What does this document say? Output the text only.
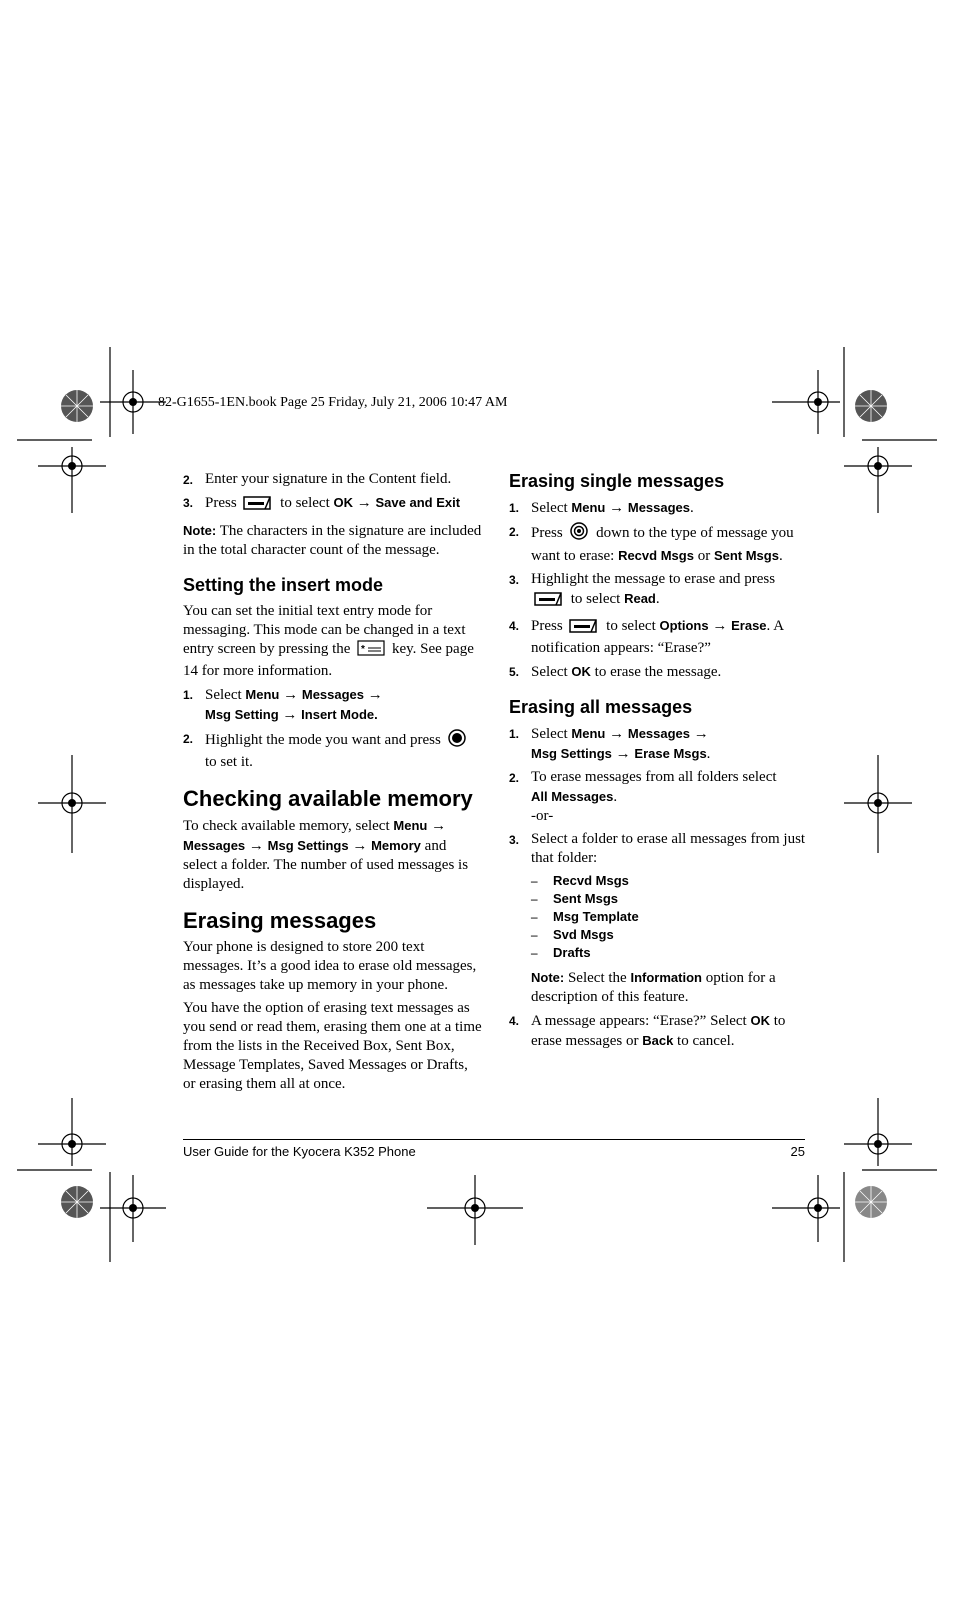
82-G1655-1EN.book Page 25 Friday, July 21, 2006 10:47 AM
2. Enter your signature in the Content field.
3. Press	to select OK → Save and Exit
Note: The characters in the signature are included in the total character count of the message.
Setting the insert mode
You can set the initial text entry mode for messaging. This mode can be changed in a text entry screen by pressing the * key. See page 14 for more information.
1. Select Menu → Messages →
Msg Setting → Insert Mode.
2. Highlight the mode you want and press  to set it.
Checking available memory
To check available memory, select Menu → Messages → Msg Settings → Memory and select a folder. The number of used messages is displayed.
Erasing messages
Your phone is designed to store 200 text messages. It’s a good idea to erase old messages, as messages take up memory in your phone.
You have the option of erasing text messages as you send or read them, erasing them one at a time from the lists in the Received Box, Sent Box, Message Templates, Saved Messages or Drafts, or erasing them all at once.
Erasing single messages
1. Select Menu → Messages.
2. Press down to the type of message you want to erase: Recvd Msgs or Sent Msgs.
3. Highlight the message to erase and press
to select Read.
4. Press	to select Options → Erase. A notification appears: “Erase?”
5. Select OK to erase the message.
Erasing all messages
1. Select Menu → Messages →
Msg Settings → Erase Msgs.
2. To erase messages from all folders select
All Messages.
-or-
3. Select a folder to erase all messages from just that folder:
– Recvd Msgs
– Sent Msgs
– Msg Template
– Svd Msgs
– Drafts
Note: Select the Information option for a description of this feature.
4. A message appears: “Erase?” Select OK to erase messages or Back to cancel.
User Guide for the Kyocera K352 Phone	25
